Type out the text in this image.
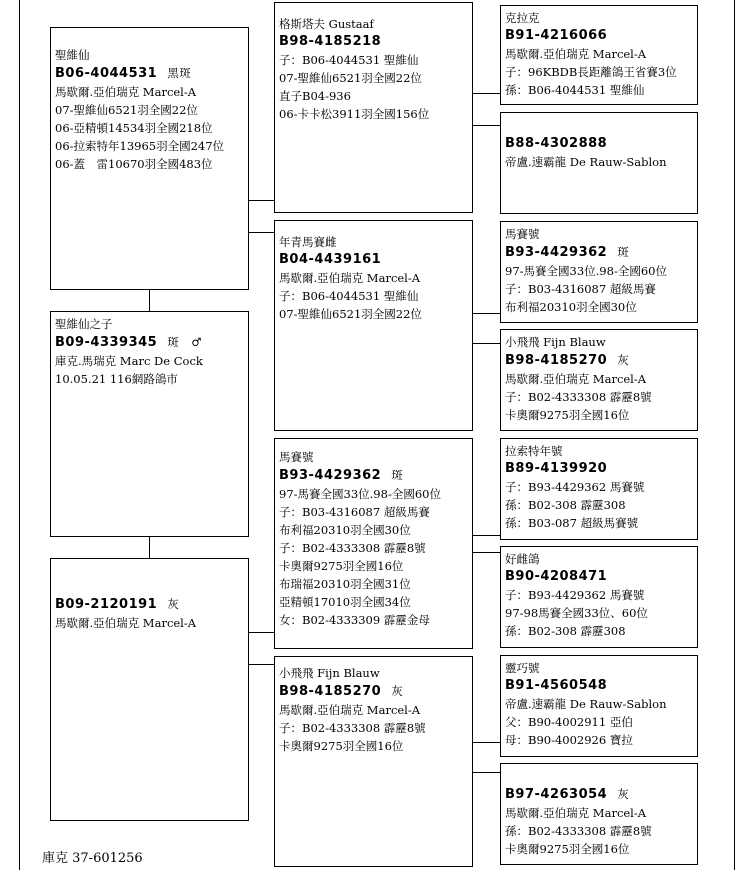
聖維仙
B06-4044531 黑斑
馬歇爾.亞伯瑞克 Marcel-A
07-聖維仙6521羽全國22位
06-亞精頓14534羽全國218位
06-拉索特年13965羽全國247位
06-蓋　雷10670羽全國483位
聖維仙之子
B09-4339345 斑　♂
庫克.馬瑞克 Marc De Cock
10.05.21 116網路鴿市
B09-2120191 灰
馬歇爾.亞伯瑞克 Marcel-A
格斯塔夫 Gustaaf
B98-4185218
子：B06-4044531 聖維仙
07-聖維仙6521羽全國22位
直子B04-936
06-卡卡松3911羽全國156位
年青馬賽雌
B04-4439161
馬歇爾.亞伯瑞克 Marcel-A
子：B06-4044531 聖維仙
07-聖維仙6521羽全國22位
馬賽號
B93-4429362 斑
97-馬賽全國33位.98-全國60位
子：B03-4316087 超級馬賽
布利福20310羽全國30位
子：B02-4333308 霹靂8號
卡奧爾9275羽全國16位
布瑞福20310羽全國31位
亞精頓17010羽全國34位
女：B02-4333309 霹靂金母
小飛飛 Fijn Blauw
B98-4185270 灰
馬歇爾.亞伯瑞克 Marcel-A
子：B02-4333308 霹靂8號
卡奧爾9275羽全國16位
克拉克
B91-4216066
馬歇爾.亞伯瑞克 Marcel-A
子：96KBDB長距離鴿王省賽3位
孫：B06-4044531 聖維仙
B88-4302888
帝盧.速霸龍 De Rauw-Sablon
馬賽號
B93-4429362 斑
97-馬賽全國33位.98-全國60位
子：B03-4316087 超級馬賽
布利福20310羽全國30位
小飛飛 Fijn Blauw
B98-4185270 灰
馬歇爾.亞伯瑞克 Marcel-A
子：B02-4333308 霹靂8號
卡奧爾9275羽全國16位
拉索特年號
B89-4139920
子：B93-4429362 馬賽號
孫：B02-308 霹靂308
孫：B03-087 超級馬賽號
好雌鴿
B90-4208471
子：B93-4429362 馬賽號
97-98馬賽全國33位、60位
孫：B02-308 霹靂308
靈巧號
B91-4560548
帝盧.速霸龍 De Rauw-Sablon
父：B90-4002911 亞伯
母：B90-4002926 寶拉
B97-4263054 灰
馬歇爾.亞伯瑞克 Marcel-A
孫：B02-4333308 霹靂8號
卡奧爾9275羽全國16位
庫克 37-601256
